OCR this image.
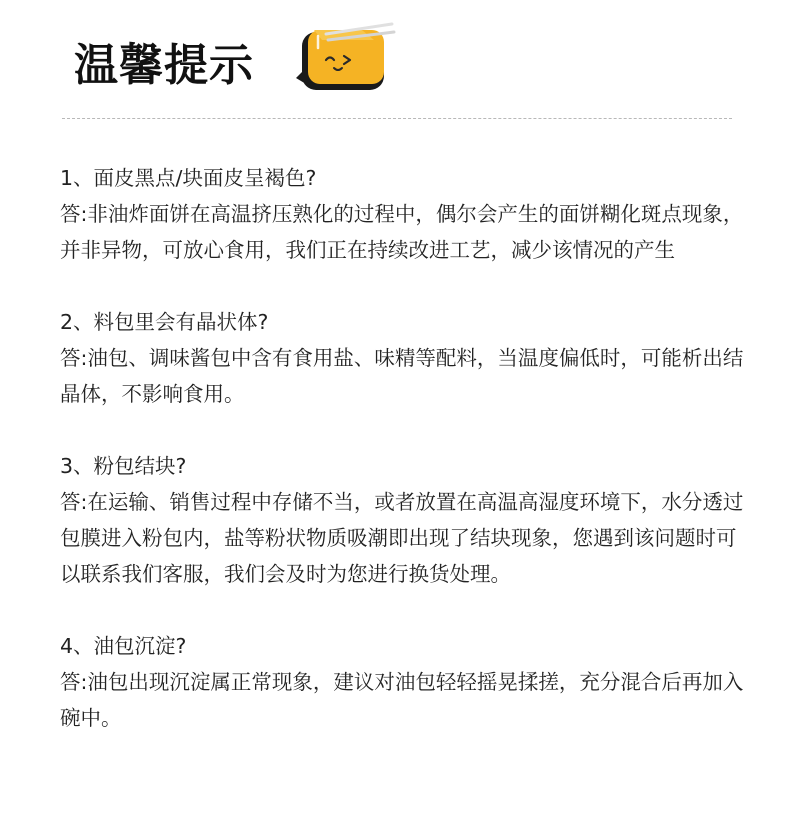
温馨提示
1、面皮黑点/块面皮呈褐色?
答:非油炸面饼在高温挤压熟化的过程中，偶尔会产生的面饼糊化斑点现象，并非异物，可放心食用，我们正在持续改进工艺，减少该情况的产生
2、料包里会有晶状体?
答:油包、调味酱包中含有食用盐、味精等配料，当温度偏低时，可能析出结晶体，不影响食用。
3、粉包结块?
答:在运输、销售过程中存储不当，或者放置在高温高湿度环境下，水分透过包膜进入粉包内，盐等粉状物质吸潮即出现了结块现象，您遇到该问题时可以联系我们客服，我们会及时为您进行换货处理。
4、油包沉淀?
答:油包出现沉淀属正常现象，建议对油包轻轻摇晃揉搓，充分混合后再加入碗中。
